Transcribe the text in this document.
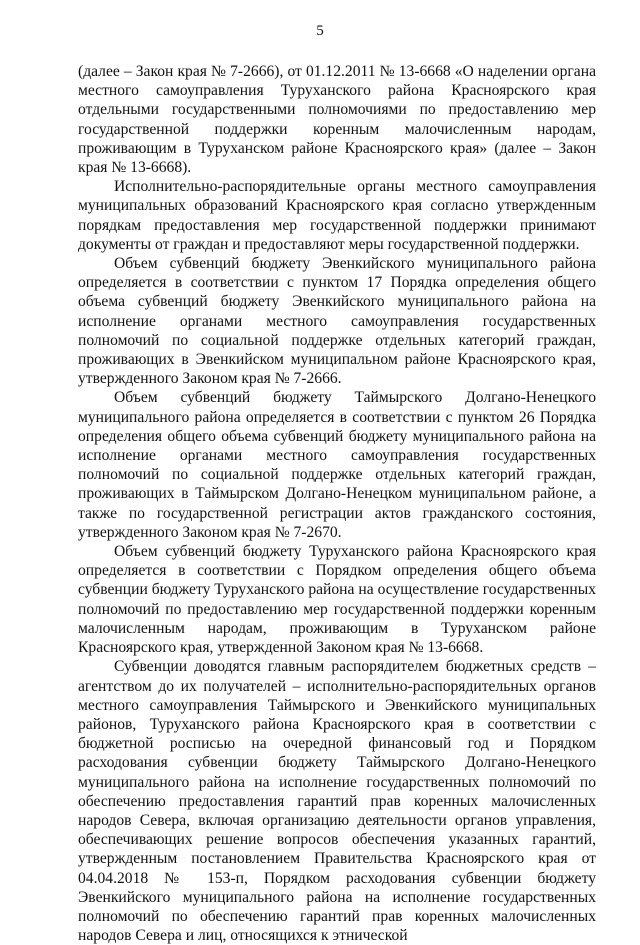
5

(далее – Закон края № 7-2666), от 01.12.2011 № 13-6668 «О наделении органа местного самоуправления Туруханского района Красноярского края отдельными государственными полномочиями по предоставлению мер государственной поддержки коренным малочисленным народам, проживающим в Туруханском районе Красноярского края» (далее – Закон края № 13-6668).

Исполнительно-распорядительные органы местного самоуправления муниципальных образований Красноярского края согласно утвержденным порядкам предоставления мер государственной поддержки принимают документы от граждан и предоставляют меры государственной поддержки.

Объем субвенций бюджету Эвенкийского муниципального района определяется в соответствии с пунктом 17 Порядка определения общего объема субвенций бюджету Эвенкийского муниципального района на исполнение органами местного самоуправления государственных полномочий по социальной поддержке отдельных категорий граждан, проживающих в Эвенкийском муниципальном районе Красноярского края, утвержденного Законом края № 7-2666.

Объем субвенций бюджету Таймырского Долгано-Ненецкого муниципального района определяется в соответствии с пунктом 26 Порядка определения общего объема субвенций бюджету муниципального района на исполнение органами местного самоуправления государственных полномочий по социальной поддержке отдельных категорий граждан, проживающих в Таймырском Долгано-Ненецком муниципальном районе, а также по государственной регистрации актов гражданского состояния, утвержденного Законом края № 7-2670.

Объем субвенций бюджету Туруханского района Красноярского края определяется в соответствии с Порядком определения общего объема субвенции бюджету Туруханского района на осуществление государственных полномочий по предоставлению мер государственной поддержки коренным малочисленным народам, проживающим в Туруханском районе Красноярского края, утвержденной Законом края № 13-6668.

Субвенции доводятся главным распорядителем бюджетных средств – агентством до их получателей – исполнительно-распорядительных органов местного самоуправления Таймырского и Эвенкийского муниципальных районов, Туруханского района Красноярского края в соответствии с бюджетной росписью на очередной финансовый год и Порядком расходования субвенции бюджету Таймырского Долгано-Ненецкого муниципального района на исполнение государственных полномочий по обеспечению предоставления гарантий прав коренных малочисленных народов Севера, включая организацию деятельности органов управления, обеспечивающих решение вопросов обеспечения указанных гарантий, утвержденным постановлением Правительства Красноярского края от 04.04.2018 № 153-п, Порядком расходования субвенции бюджету Эвенкийского муниципального района на исполнение государственных полномочий по обеспечению гарантий прав коренных малочисленных народов Севера и лиц, относящихся к этнической
